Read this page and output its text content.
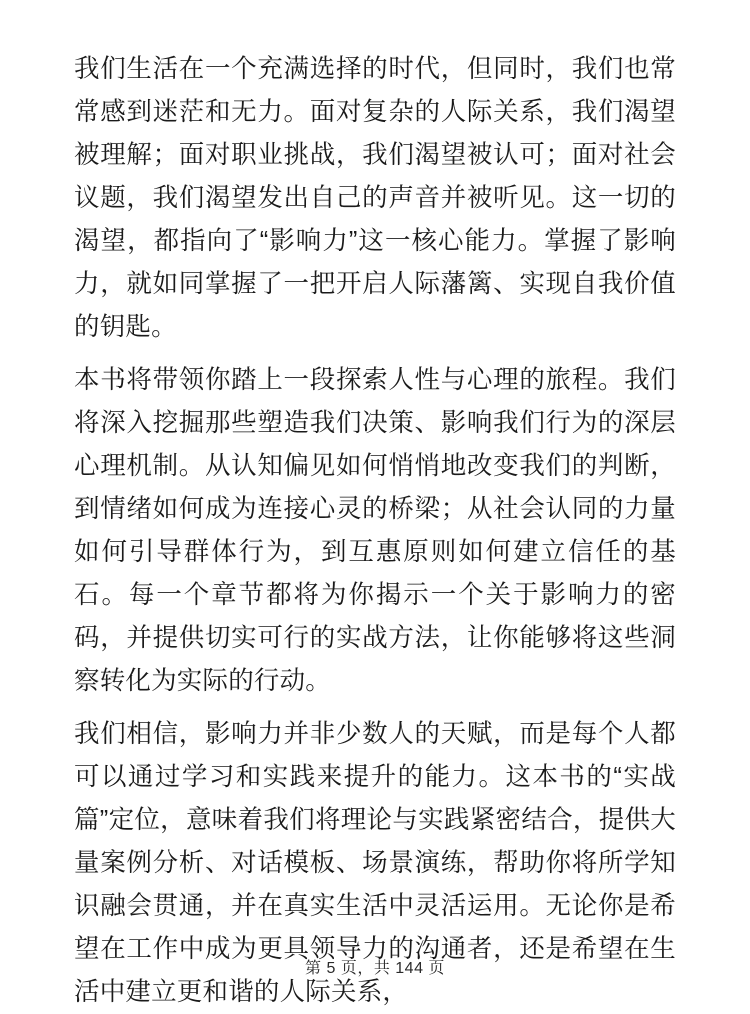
我们生活在一个充满选择的时代，但同时，我们也常常感到迷茫和无力。面对复杂的人际关系，我们渴望被理解；面对职业挑战，我们渴望被认可；面对社会议题，我们渴望发出自己的声音并被听见。这一切的渴望，都指向了“影响力”这一核心能力。掌握了影响力，就如同掌握了一把开启人际藩篱、实现自我价值的钥匙。

本书将带领你踏上一段探索人性与心理的旅程。我们将深入挖掘那些塑造我们决策、影响我们行为的深层心理机制。从认知偏见如何悄悄地改变我们的判断，到情绪如何成为连接心灵的桥梁；从社会认同的力量如何引导群体行为，到互惠原则如何建立信任的基石。每一个章节都将为你揭示一个关于影响力的密码，并提供切实可行的实战方法，让你能够将这些洞察转化为实际的行动。

我们相信，影响力并非少数人的天赋，而是每个人都可以通过学习和实践来提升的能力。这本书的“实战篇”定位，意味着我们将理论与实践紧密结合，提供大量案例分析、对话模板、场景演练，帮助你将所学知识融会贯通，并在真实生活中灵活运用。无论你是希望在工作中成为更具领导力的沟通者，还是希望在生活中建立更和谐的人际关系，

第 5 页，共 144 页
